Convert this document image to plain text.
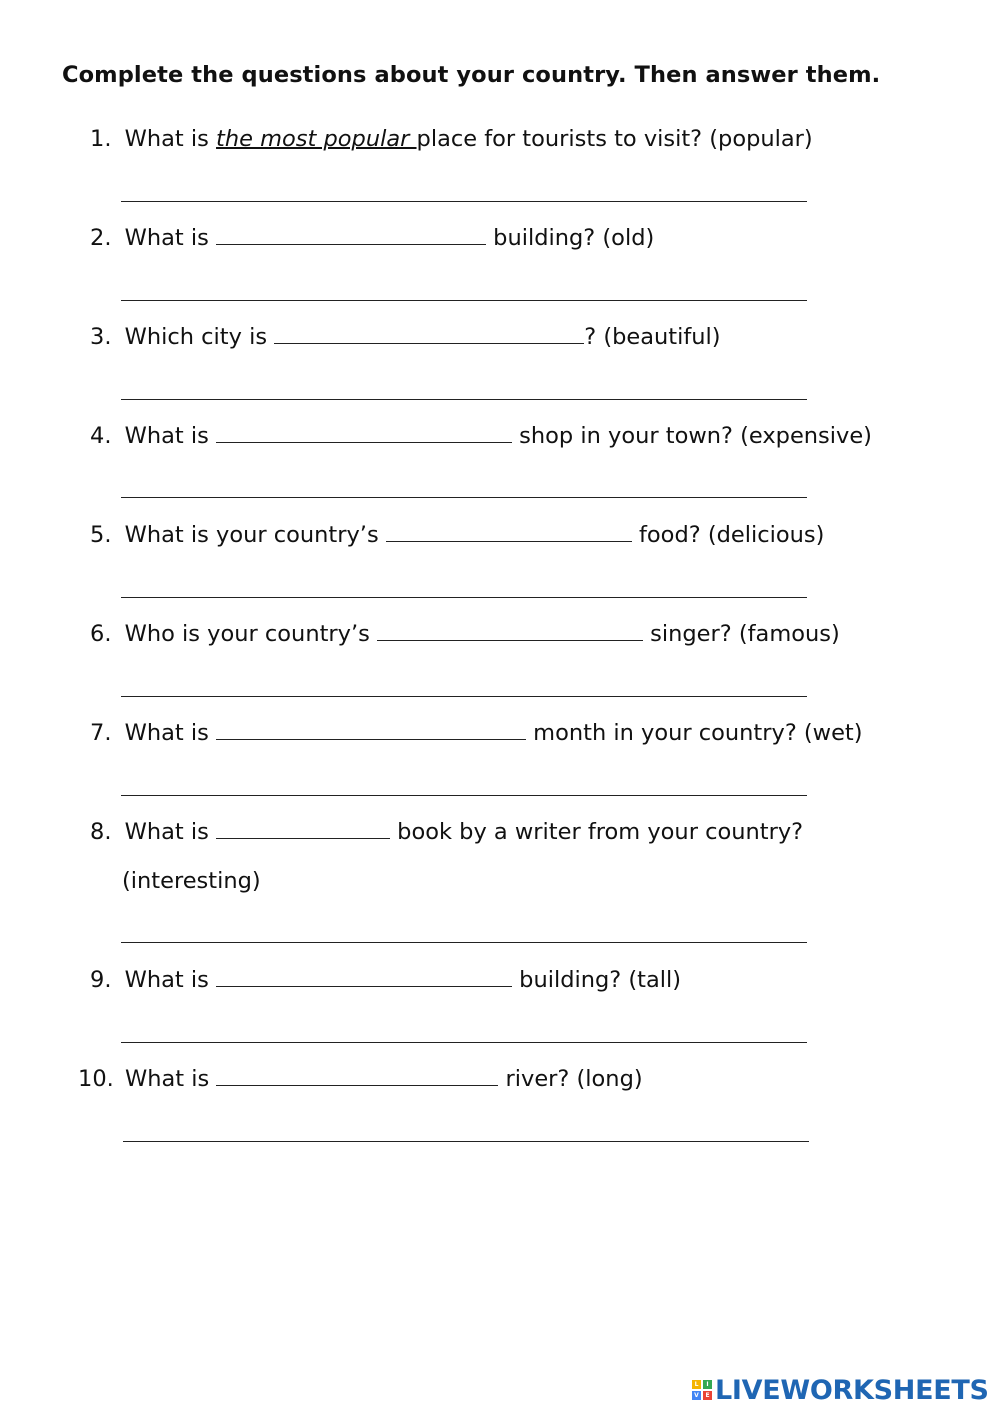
Complete the questions about your country. Then answer them.
1. What is the most popular place for tourists to visit? (popular)
2. What is	building? (old)
3. Which city is	? (beautiful)
4. What is	shop in your town? (expensive)
5. What is your country’s	food? (delicious)
6. Who is your country’s	singer? (famous)
7. What is	month in your country? (wet)
8. What is	book by a writer from your country?
(interesting)
9. What is	building? (tall)
10. What is	river? (long)
L	I
V	E LIVEWORKSHEETS
